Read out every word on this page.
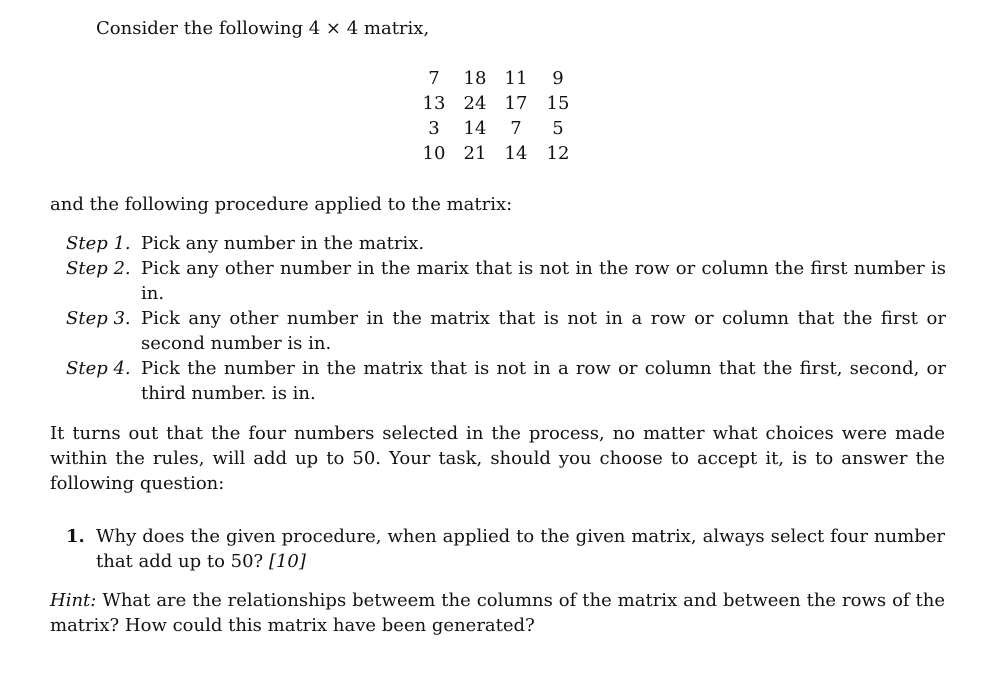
Consider the following 4 × 4 matrix,
7	18	11	9
13	24	17	15
3	14	7	5
10	21	14	12
and the following procedure applied to the matrix:
Step 1. Pick any number in the matrix.
Step 2. Pick any other number in the marix that is not in the row or column the first number is in.
Step 3. Pick any other number in the matrix that is not in a row or column that the first or second number is in.
Step 4. Pick the number in the matrix that is not in a row or column that the first, second, or third number. is in.
It turns out that the four numbers selected in the process, no matter what choices were made within the rules, will add up to 50. Your task, should you choose to accept it, is to answer the following question:
1. Why does the given procedure, when applied to the given matrix, always select four number that add up to 50? [10]
Hint: What are the relationships betweem the columns of the matrix and between the rows of the matrix? How could this matrix have been generated?
